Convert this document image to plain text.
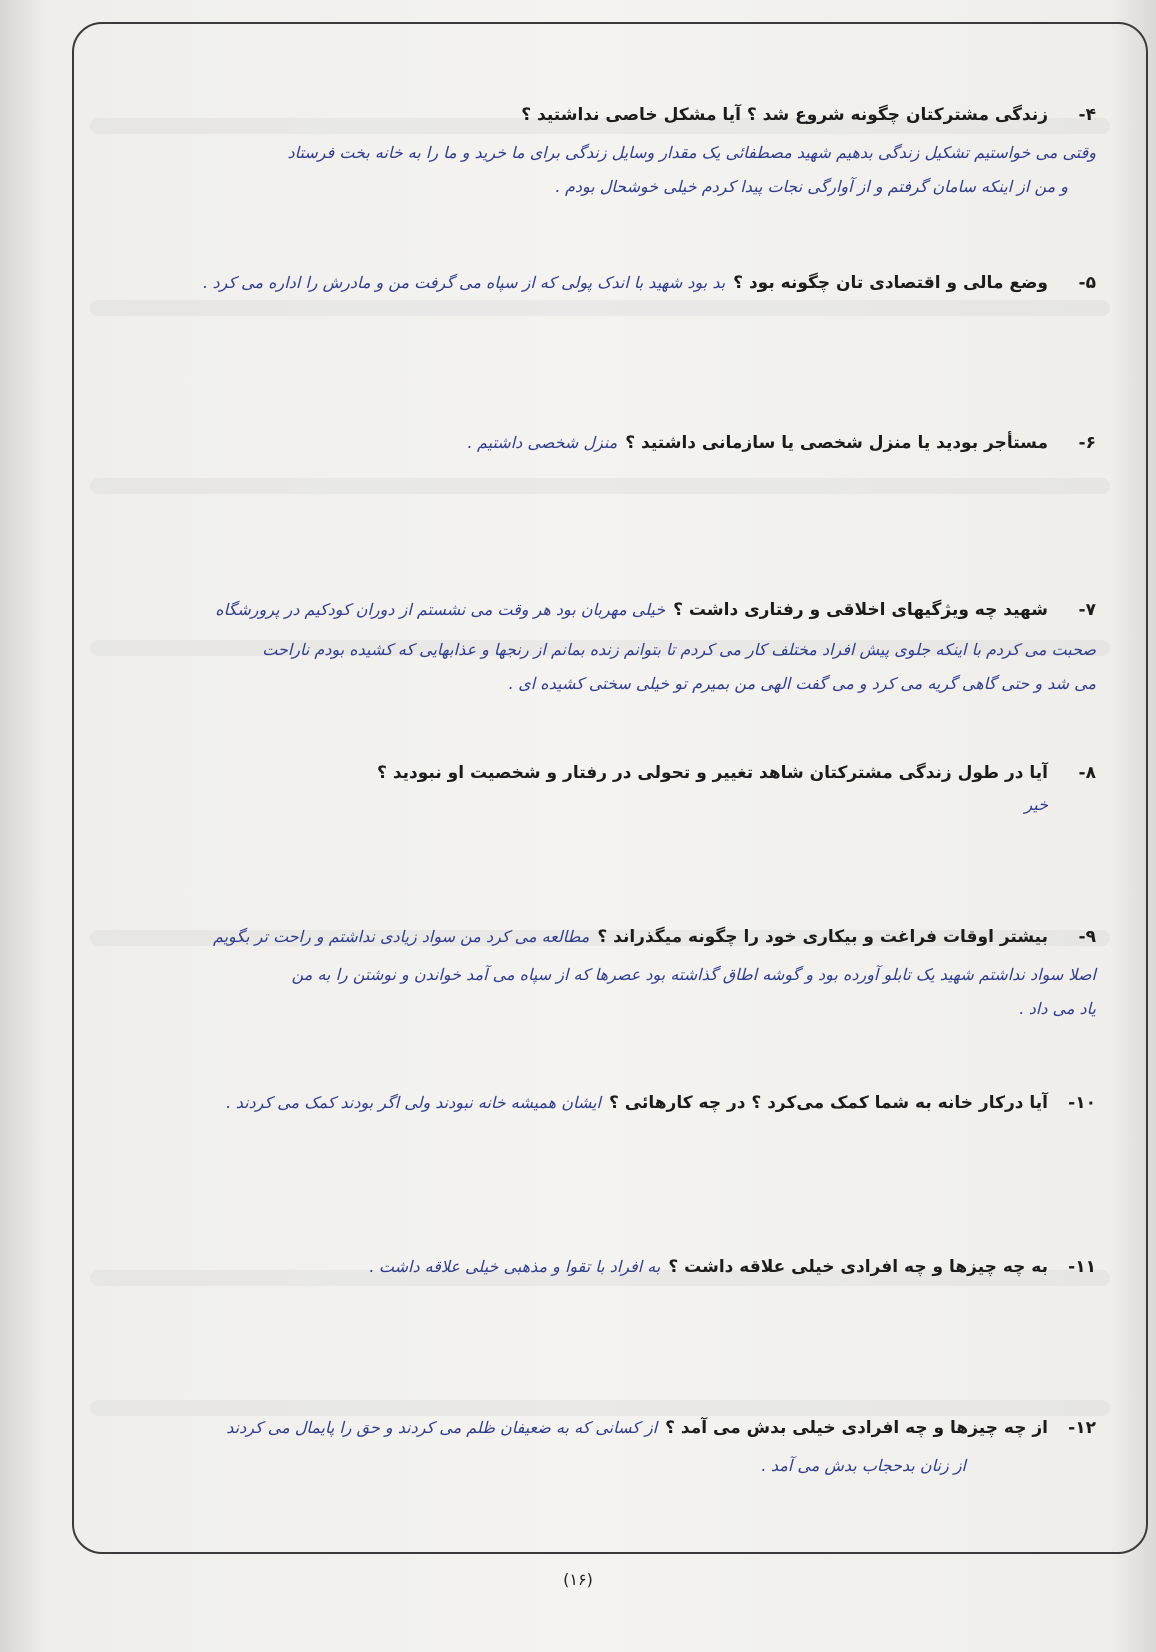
۴-زندگی مشترکتان چگونه شروع شد ؟ آیا مشکل خاصی نداشتید ؟
وقتی می خواستیم تشکیل زندگی بدهیم شهید مصطفائی یک مقدار وسایل زندگی برای ما خرید و ما را به خانه بخت فرستاد
و من از اینکه سامان گرفتم و از آوارگی نجات پیدا کردم خیلی خوشحال بودم .
۵-وضع مالی و اقتصادی تان چگونه بود ؟بد بود شهید با اندک پولی که از سپاه می گرفت من و مادرش را اداره می کرد .
۶-مستأجر بودید یا منزل شخصی یا سازمانی داشتید ؟منزل شخصی داشتیم .
۷-شهید چه ویژگیهای اخلاقی و رفتاری داشت ؟خیلی مهربان بود هر وقت می نشستم از دوران کودکیم در پرورشگاه
صحبت می کردم با اینکه جلوی پیش افراد مختلف کار می کردم تا بتوانم زنده بمانم از رنجها و عذابهایی که کشیده بودم ناراحت
می شد و حتی گاهی گریه می کرد و می گفت الهی من بمیرم تو خیلی سختی کشیده ای .
۸-آیا در طول زندگی مشترکتان شاهد تغییر و تحولی در رفتار و شخصیت او نبودید ؟
خیر
۹-بیشتر اوقات فراغت و بیکاری خود را چگونه میگذراند ؟مطالعه می کرد من سواد زیادی نداشتم و راحت تر بگویم
اصلا سواد نداشتم شهید یک تابلو آورده بود و گوشه اطاق گذاشته بود عصرها که از سپاه می آمد خواندن و نوشتن را به من
یاد می داد .
۱۰-آیا درکار خانه به شما کمک می‌کرد ؟ در چه کارهائی ؟ایشان همیشه خانه نبودند ولی اگر بودند کمک می کردند .
۱۱-به چه چیزها و چه افرادی خیلی علاقه داشت ؟به افراد با تقوا و مذهبی خیلی علاقه داشت .
۱۲-از چه چیزها و چه افرادی خیلی بدش می آمد ؟از کسانی که به ضعیفان ظلم می کردند و حق را پایمال می کردند
از زنان بدحجاب بدش می آمد .
(۱۶)
